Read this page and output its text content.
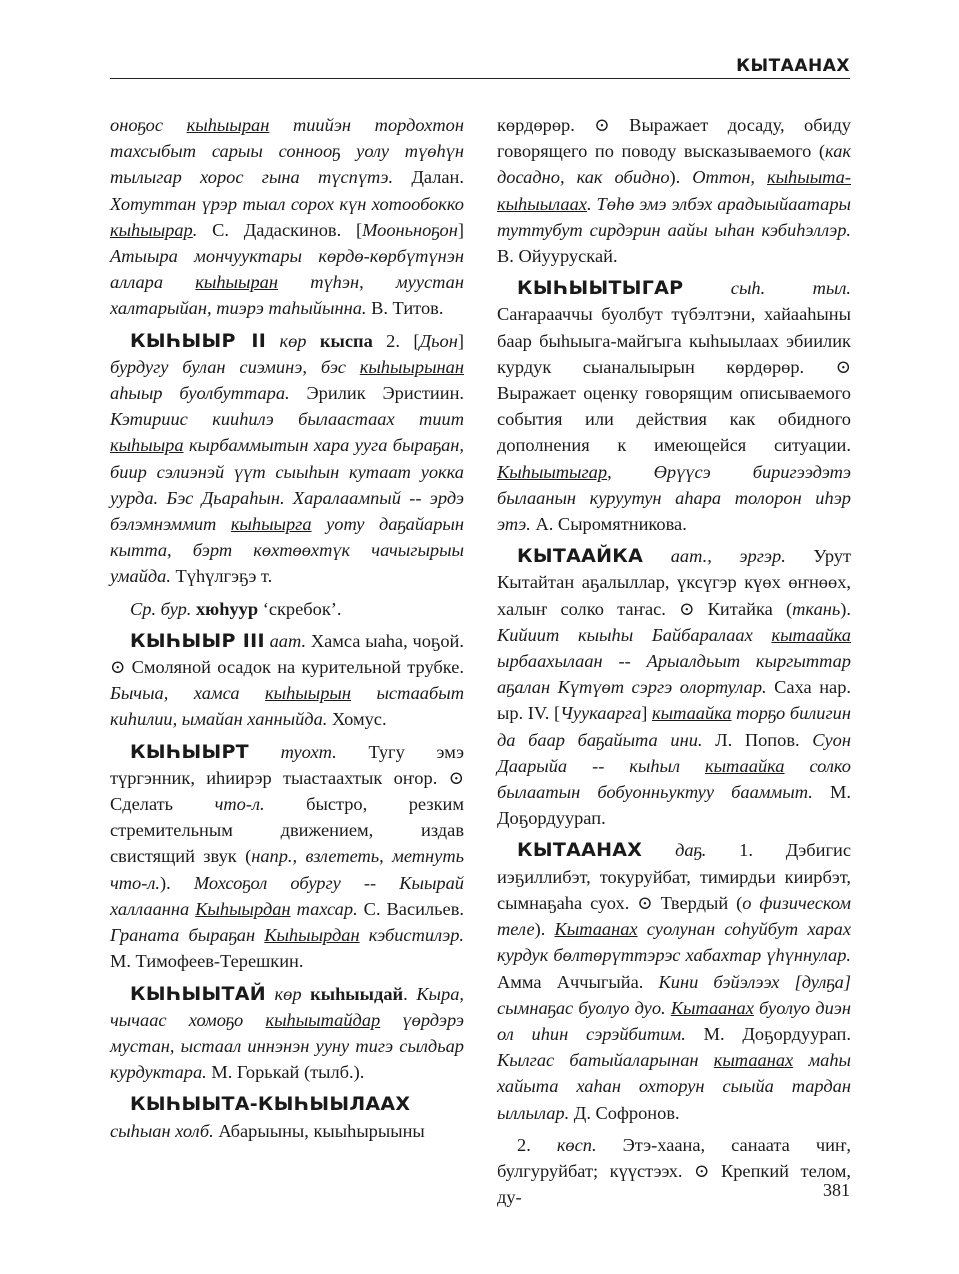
КЫТААНАХ

оноҕос кыһыыран тиийэн тордохтон тахсыбыт сарыы соннооҕ уолу түөһүн тылыгар хорос гына түспүтэ. Далан. Хотуттан үрэр тыал сорох күн хотообокко кыһыырар. С. Дадаскинов. [Мооньноҕон] Атыыра мончууктары көрдө-көрбүтүнэн аллара кыһыыран түһэн, муустан халтарыйан, тиэрэ таһыйынна. В. Титов.

КЫҺЫЫР II көр кыспа 2. [Дьон] бурдугу булан сиэминэ, бэс кыһыырынан аһыыр буолбуттара. Эрилик Эристиин. Кэтириис кииһилэ былаастаах тиит кыһыыра кырбаммытын хара ууга быраҕан, биир сэлиэнэй үүт сыыһын кутаат уокка уурда. Бэс Дьараһын. Харалаампый -- эрдэ бэлэмнэммит кыһыырга уоту даҕайарын кытта, бэрт көхтөөхтүк чачыгырыы умайда. Түһүлгэҕэ т.

Ср. бур. хюһуур ‘скребок’.

КЫҺЫЫР III аат. Хамса ыаһа, чоҕой. ⊙ Смоляной осадок на курительной трубке. Бычыа, хамса кыһыырын ыстаабыт киһилии, ымайан ханныйда. Хомус.

КЫҺЫЫРТ туохт. Тугу эмэ түргэнник, иһиирэр тыастаахтык оҥор. ⊙ Сделать что-л. быстро, резким стремительным движением, издав свистящий звук (напр., взлететь, метнуть что-л.). Мохсоҕол обургу -- Кыырай халлаанна Кыһыырдан тахсар. С. Васильев. Граната быраҕан Кыһыырдан кэбистилэр. М. Тимофеев-Терешкин.

КЫҺЫЫТАЙ көр кыһыыдай. Кыра, чычаас хомоҕо кыһыытайдар үөрдэрэ мустан, ыстаал иннэнэн ууну тигэ сылдьар курдуктара. М. Горькай (тылб.).

КЫҺЫЫТА-КЫҺЫЫЛААХ сыһыан холб. Абарыыны, кыыһырыыны

көрдөрөр. ⊙ Выражает досаду, обиду говорящего по поводу высказываемого (как досадно, как обидно). Оттон, кыһыыта-кыһыылаах. Төһө эмэ элбэх арадыыйаатары туттубут сирдэрин аайы ыһан кэбиһэллэр. В. Ойуурускай.

КЫҺЫЫТЫГАР сыһ. тыл. Саҥарааччы буолбут түбэлтэни, хайааһыны баар быһыыга-майгыга кыһыылаах эбиилик курдук сыаналыырын көрдөрөр. ⊙ Выражает оценку говорящим описываемого события или действия как обидного дополнения к имеющейся ситуации. Кыһыытыгар, Өрүүсэ биригээдэтэ былаанын куруутун аһара толорон иһэр этэ. А. Сыромятникова.

КЫТААЙКА аат., эргэр. Урут Кытайтан аҕалыллар, үксүгэр күөх өҥнөөх, халыҥ солко таҥас. ⊙ Китайка (ткань). Кийиит кыыһы Байбаралаах кытаайка ырбаахылаан -- Арыалдьыт кыргыттар аҕалан Күтүөт сэргэ олортулар. Саха нар. ыр. IV. [Чуукаарга] кытаайка торҕо билигин да баар баҕайыта ини. Л. Попов. Суон Даарыйа -- кыһыл кытаайка солко былаатын бобуонньуктуу бааммыт. М. Доҕордуурап.

КЫТААНАХ даҕ. 1. Дэбигис иэҕиллибэт, токуруйбат, тимирдьи киирбэт, сымнаҕаһа суох. ⊙ Твердый (о физическом теле). Кытаанах суолунан соһуйбут харах курдук бөлтөрүттэрэс хабахтар үһүннулар. Амма Аччыгыйа. Кини бэйэлээх [дулҕа] сымнаҕас буолуо дуо. Кытаанах буолуо диэн ол иһин сэрэйбитим. М. Доҕордуурап. Кылгас батыйаларынан кытаанах маһы хайыта хаһан охторун сыыйа тардан ыллылар. Д. Софронов.

2. көсп. Этэ-хаана, санаата чиҥ, булгуруйбат; күүстээх. ⊙ Крепкий телом, ду-	381
